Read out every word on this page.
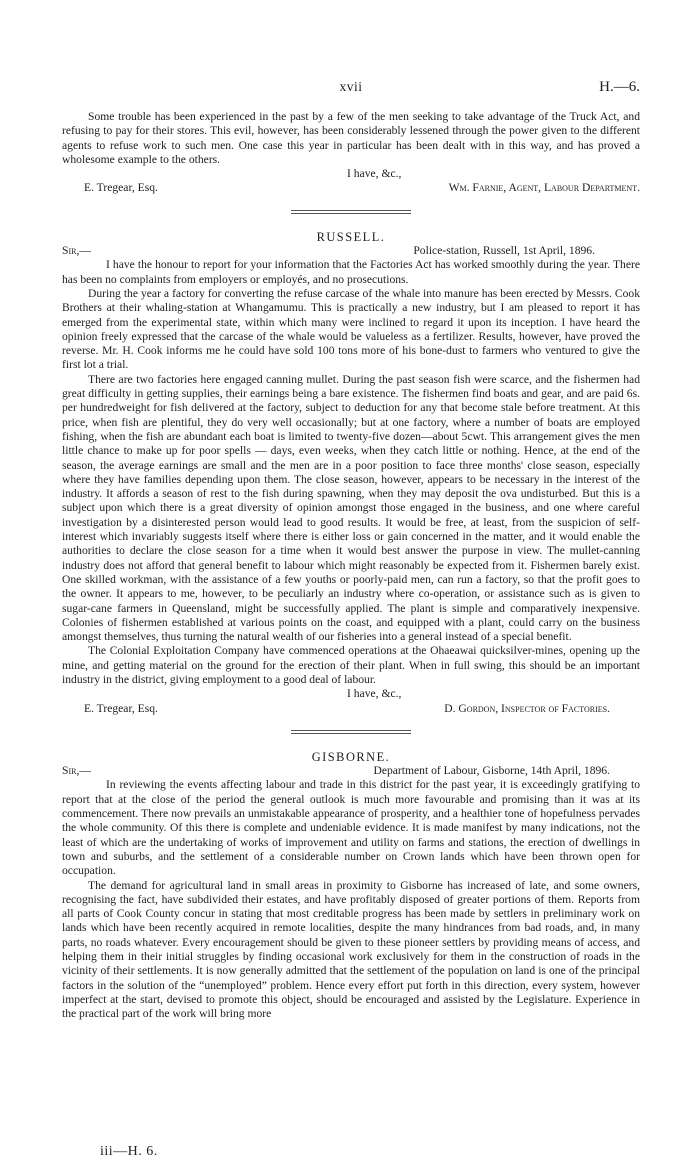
xvii	H.—6.

Some trouble has been experienced in the past by a few of the men seeking to take advantage of the Truck Act, and refusing to pay for their stores. This evil, however, has been considerably lessened through the power given to the different agents to refuse work to such men. One case this year in particular has been dealt with in this way, and has proved a wholesome example to the others.

I have, &c.,
E. Tregear, Esq.	Wm. Farnie, Agent, Labour Department.
RUSSELL.
Sir,—	Police-station, Russell, 1st April, 1896.

I have the honour to report for your information that the Factories Act has worked smoothly during the year. There has been no complaints from employers or employés, and no prosecutions.

During the year a factory for converting the refuse carcase of the whale into manure has been erected by Messrs. Cook Brothers at their whaling-station at Whangamumu. This is practically a new industry, but I am pleased to report it has emerged from the experimental state, within which many were inclined to regard it upon its inception. I have heard the opinion freely expressed that the carcase of the whale would be valueless as a fertilizer. Results, however, have proved the reverse. Mr. H. Cook informs me he could have sold 100 tons more of his bone-dust to farmers who ventured to give the first lot a trial.

There are two factories here engaged canning mullet. During the past season fish were scarce, and the fishermen had great difficulty in getting supplies, their earnings being a bare existence. The fishermen find boats and gear, and are paid 6s. per hundredweight for fish delivered at the factory, subject to deduction for any that become stale before treatment. At this price, when fish are plentiful, they do very well occasionally; but at one factory, where a number of boats are employed fishing, when the fish are abundant each boat is limited to twenty-five dozen—about 5cwt. This arrangement gives the men little chance to make up for poor spells — days, even weeks, when they catch little or nothing. Hence, at the end of the season, the average earnings are small and the men are in a poor position to face three months' close season, especially where they have families depending upon them. The close season, however, appears to be necessary in the interest of the industry. It affords a season of rest to the fish during spawning, when they may deposit the ova undisturbed. But this is a subject upon which there is a great diversity of opinion amongst those engaged in the business, and one where careful investigation by a disinterested person would lead to good results. It would be free, at least, from the suspicion of self-interest which invariably suggests itself where there is either loss or gain concerned in the matter, and it would enable the authorities to declare the close season for a time when it would best answer the purpose in view. The mullet-canning industry does not afford that general benefit to labour which might reasonably be expected from it. Fishermen barely exist. One skilled workman, with the assistance of a few youths or poorly-paid men, can run a factory, so that the profit goes to the owner. It appears to me, however, to be peculiarly an industry where co-operation, or assistance such as is given to sugar-cane farmers in Queensland, might be successfully applied. The plant is simple and comparatively inexpensive. Colonies of fishermen established at various points on the coast, and equipped with a plant, could carry on the business amongst themselves, thus turning the natural wealth of our fisheries into a general instead of a special benefit.

The Colonial Exploitation Company have commenced operations at the Ohaeawai quicksilver-mines, opening up the mine, and getting material on the ground for the erection of their plant. When in full swing, this should be an important industry in the district, giving employment to a good deal of labour.

I have, &c.,
E. Tregear, Esq.	D. Gordon, Inspector of Factories.
GISBORNE.
Sir,—	Department of Labour, Gisborne, 14th April, 1896.

In reviewing the events affecting labour and trade in this district for the past year, it is exceedingly gratifying to report that at the close of the period the general outlook is much more favourable and promising than it was at its commencement. There now prevails an unmistakable appearance of prosperity, and a healthier tone of hopefulness pervades the whole community. Of this there is complete and undeniable evidence. It is made manifest by many indications, not the least of which are the undertaking of works of improvement and utility on farms and stations, the erection of dwellings in town and suburbs, and the settlement of a considerable number on Crown lands which have been thrown open for occupation.

The demand for agricultural land in small areas in proximity to Gisborne has increased of late, and some owners, recognising the fact, have subdivided their estates, and have profitably disposed of greater portions of them. Reports from all parts of Cook County concur in stating that most creditable progress has been made by settlers in preliminary work on lands which have been recently acquired in remote localities, despite the many hindrances from bad roads, and, in many parts, no roads whatever. Every encouragement should be given to these pioneer settlers by providing means of access, and helping them in their initial struggles by finding occasional work exclusively for them in the construction of roads in the vicinity of their settlements. It is now generally admitted that the settlement of the population on land is one of the principal factors in the solution of the “unemployed” problem. Hence every effort put forth in this direction, every system, however imperfect at the start, devised to promote this object, should be encouraged and assisted by the Legislature. Experience in the practical part of the work will bring more

iii—H. 6.
